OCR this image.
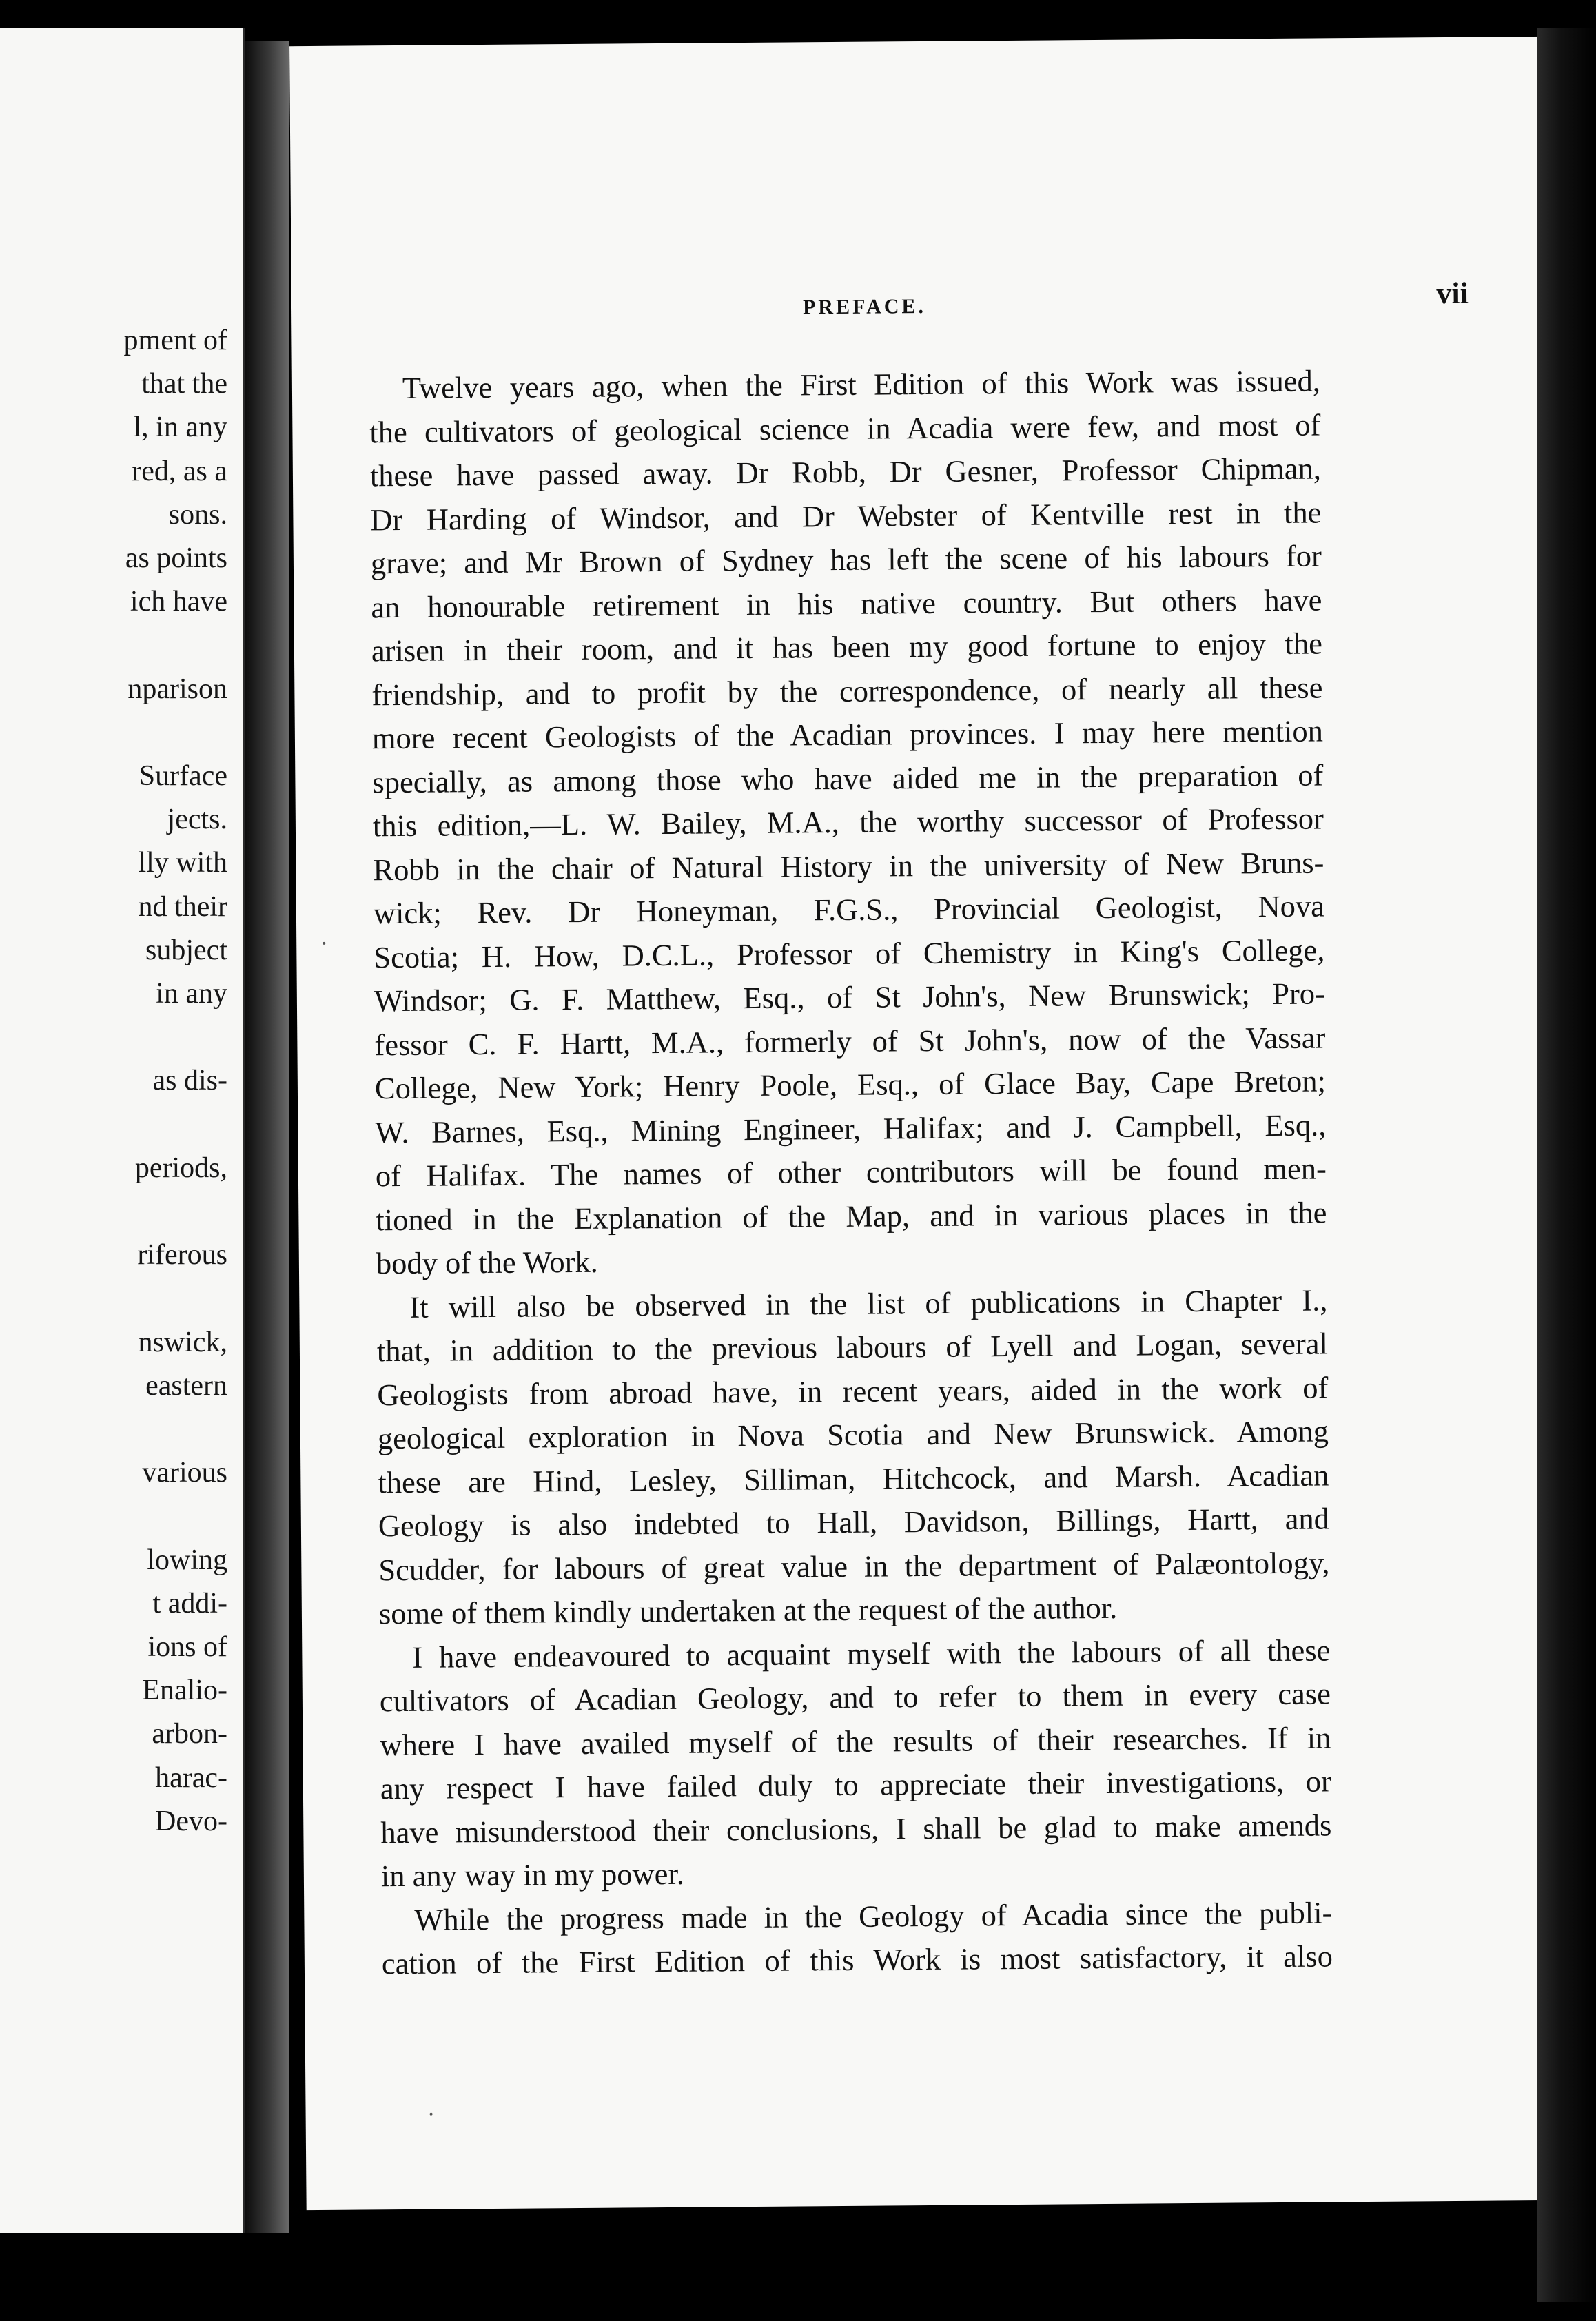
pment of
that the
l, in any
red, as a
sons.
as points
ich have
nparison
Surface
jects.
lly with
nd their
subject
in any
as dis-
periods,
riferous
nswick,
eastern
various
lowing
t addi-
ions of
Enalio-
arbon-
harac-
Devo-
PREFACE.	vii
Twelve years ago, when the First Edition of this Work was issued,
the cultivators of geological science in Acadia were few, and most of
these have passed away. Dr Robb, Dr Gesner, Professor Chipman,
Dr Harding of Windsor, and Dr Webster of Kentville rest in the
grave; and Mr Brown of Sydney has left the scene of his labours for
an honourable retirement in his native country. But others have
arisen in their room, and it has been my good fortune to enjoy the
friendship, and to profit by the correspondence, of nearly all these
more recent Geologists of the Acadian provinces. I may here mention
specially, as among those who have aided me in the preparation of
this edition,—L. W. Bailey, M.A., the worthy successor of Professor
Robb in the chair of Natural History in the university of New Bruns-
wick; Rev. Dr Honeyman, F.G.S., Provincial Geologist, Nova
Scotia; H. How, D.C.L., Professor of Chemistry in King's College,
Windsor; G. F. Matthew, Esq., of St John's, New Brunswick; Pro-
fessor C. F. Hartt, M.A., formerly of St John's, now of the Vassar
College, New York; Henry Poole, Esq., of Glace Bay, Cape Breton;
W. Barnes, Esq., Mining Engineer, Halifax; and J. Campbell, Esq.,
of Halifax. The names of other contributors will be found men-
tioned in the Explanation of the Map, and in various places in the
body of the Work.
It will also be observed in the list of publications in Chapter I.,
that, in addition to the previous labours of Lyell and Logan, several
Geologists from abroad have, in recent years, aided in the work of
geological exploration in Nova Scotia and New Brunswick. Among
these are Hind, Lesley, Silliman, Hitchcock, and Marsh. Acadian
Geology is also indebted to Hall, Davidson, Billings, Hartt, and
Scudder, for labours of great value in the department of Palæontology,
some of them kindly undertaken at the request of the author.
I have endeavoured to acquaint myself with the labours of all these
cultivators of Acadian Geology, and to refer to them in every case
where I have availed myself of the results of their researches. If in
any respect I have failed duly to appreciate their investigations, or
have misunderstood their conclusions, I shall be glad to make amends
in any way in my power.
While the progress made in the Geology of Acadia since the publi-
cation of the First Edition of this Work is most satisfactory, it also
